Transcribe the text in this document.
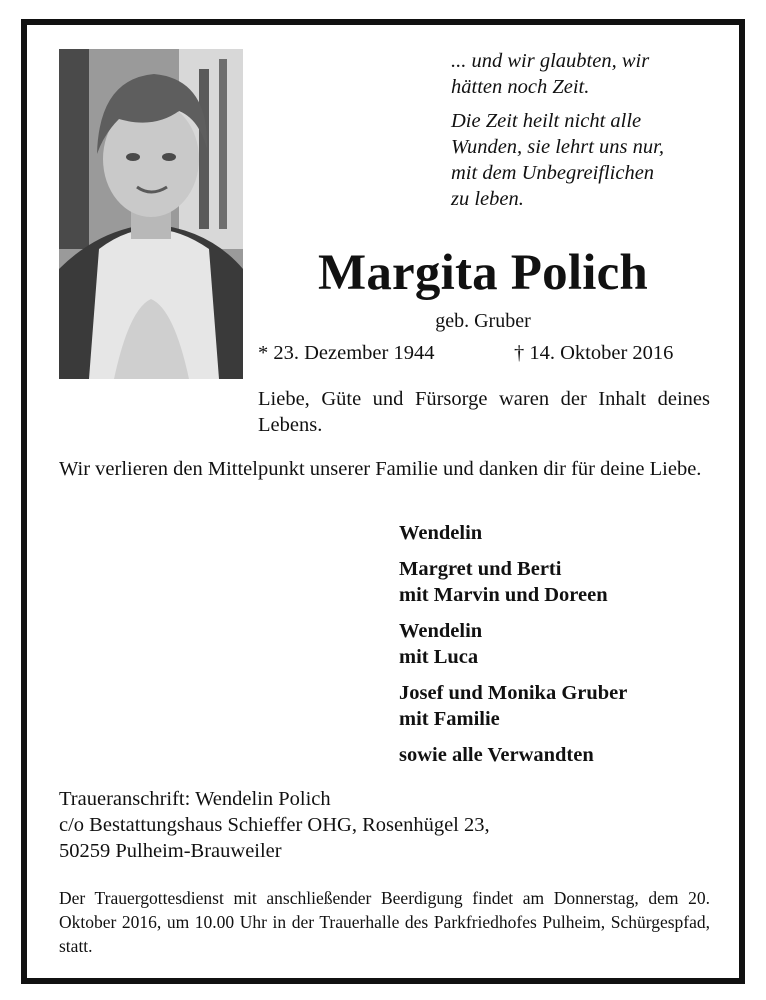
... und wir glaubten, wir
hätten noch Zeit.

Die Zeit heilt nicht alle
Wunden, sie lehrt uns nur,
mit dem Unbegreiflichen
zu leben.

Margita Polich
geb. Gruber
* 23. Dezember 1944	† 14. Oktober 2016
Liebe, Güte und Fürsorge waren der Inhalt deines Lebens.
Wir verlieren den Mittelpunkt unserer Familie und danken dir für deine Liebe.
Wendelin
Margret und Berti
mit Marvin und Doreen
Wendelin
mit Luca
Josef und Monika Gruber
mit Familie
sowie alle Verwandten
Traueranschrift: Wendelin Polich
c/o Bestattungshaus Schieffer OHG, Rosenhügel 23,
50259 Pulheim-Brauweiler
Der Trauergottesdienst mit anschließender Beerdigung findet am Donnerstag, dem 20. Oktober 2016, um 10.00 Uhr in der Trauerhalle des Parkfriedhofes Pulheim, Schürgespfad, statt.
